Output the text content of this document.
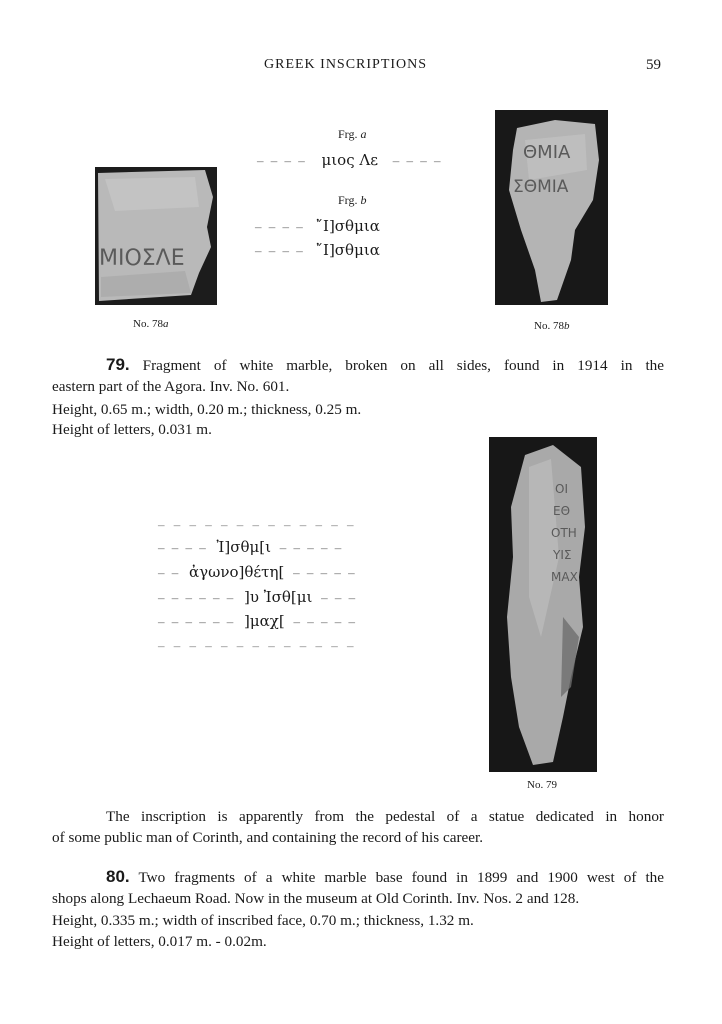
GREEK INSCRIPTIONS	59
ΜΙΟΣΛΕ
Frg. a
– – – – μιος Λε – – – –
Frg. b
– – – – ῎Ι]σθμια
– – – – ῎Ι]σθμια
ΘΜΙΑ
ΣΘΜΙΑ
No. 78a	No. 78b
79. Fragment of white marble, broken on all sides, found in 1914 in the
eastern part of the Agora. Inv. No. 601.
Height, 0.65 m.; width, 0.20 m.; thickness, 0.25 m.
Height of letters, 0.031 m.
– – – – – – – – – – – – –
– – – – Ἰ]σθμ[ι – – – – –
– – ἀγωνο]θέτη[ – – – – –
– – – – – – ]υ Ἰσθ[μι – – –
– – – – – – ]μαχ[ – – – – –
– – – – – – – – – – – – –
ΟΙ
ΕΘ
ΟΤΗ
ΥΙΣ
ΜΑΧ
No. 79
The inscription is apparently from the pedestal of a statue dedicated in honor
of some public man of Corinth, and containing the record of his career.
80. Two fragments of a white marble base found in 1899 and 1900 west of the
shops along Lechaeum Road. Now in the museum at Old Corinth. Inv. Nos. 2 and 128.
Height, 0.335 m.; width of inscribed face, 0.70 m.; thickness, 1.32 m.
Height of letters, 0.017 m. - 0.02m.
